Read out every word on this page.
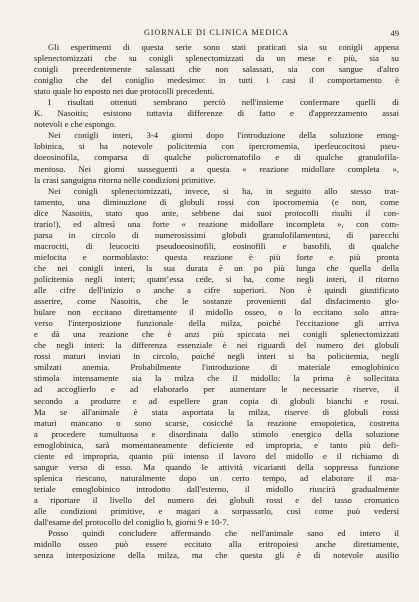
GIORNALE DI CLINICA MEDICA	49
Gli esperimenti di questa serie sono stati praticati sia su conigli appena
splenectomizzati che su conigli splenectomizzati da un mese e più, sia su
conigli precedentemente salassati che non salassati, sia con sangue d'altro
coniglio che del coniglio medesimo: in tutti i casi il comportamento è
stato quale ho esposto nei due protocolli precedenti.
I risultati ottenuti sembrano perciò nell'insieme confermare quelli di
K. Nasoitis; esistono tuttavia differenze di fatto e d'apprezzamento assai
notevoli e che espongo.
Nei conigli interi, 3-4 giorni dopo l'introduzione della soluzione emog-
lobinica, si ha notevole policitemia con ipercromemia, iperleucocitosi pseu-
doeosinofila, comparsa di qualche policromatofilo e di qualche granulofila-
mentoso. Nei giorni susseguenti a questa « reazione midollare completa »,
la crasi sanguigna ritorna nelle condizioni primitive.
Nei conigli splenectomizzati, invece, si ha, in seguito allo stesso trat-
tamento, una diminuzione di globuli rossi con ipocromemia (e non, come
dice Nasoitis, stato quo ante, sebbene dai suoi protocolli risulti il con-
trario!), ed altresì una forte « reazione midollare incompleta », con com-
parsa in circolo di numerosissimi globuli granulofilamentosi, di parecchi
macrociti, di leucociti pseudoeosinofili, eosinofili e basofili, di qualche
mielocita e normoblasto: questa reazione è più forte e più pronta
che nei conigli interi, la sua durata è un po più lunga che quella della
policitemia negli interi; quantʼessa cede, si ha, come negli interi, il ritorno
alle cifre dell'inizio o anche a cifre superiori. Non è quindi giustificato
asserire, come Nasoitis, che le sostanze provenienti dal disfacimento glo-
bulare non eccitano direttamente il midollo osseo, o lo eccitano solo attra-
verso l'interposizione funzionale della milza, poiché l'eccitazione gli arriva
e dà una reazione che è anzi più spiccata nei conigli splenectomizzati
che negli interi: la differenza essenziale è nei riguardi del numero dei globuli
rossi maturi inviati in circolo, poiché negli interi si ha policitemia, negli
smilzati anemia. Probabilmente l'introduzione di materiale emoglobinico
stimola intensamente sia la milza che il midollo: la prima è sollecitata
ad accoglierlo e ad elaborarlo per aumentare le necessarie riserve, il
secondo a produrre e ad espellere gran copia di globuli bianchi e rossi.
Ma se all'animale è stata asportata la milza, riserve di globuli rossi
maturi mancano o sono scarse, cosicché la reazione emopoietica, costretta
a procedere tumultuosa e disordinata dallo stimolo energico della soluzione
emoglobinica, sarà momentaneamente deficiente ed impropria, e tanto più defi-
ciente ed impropria, quanto più intenso il lavoro del midollo e il richiamo di
sangue verso di esso. Ma quando le attività vicarianti della soppressa funzione
splenica riescano, naturalmente dopo un certo tempo, ad elaborare il ma-
teriale emoglobinico introdotto dall'esterno, il midollo riuscirà gradualmente
a riportare il livello del numero dei globuli rossi e del tasso cromatico
alle condizioni primitive, e magari a sorpassarlo, così come può vedersi
dall'esame del protocollo del coniglio b, giorni 9 e 10-7.
Posso quindi concludere affermando che nell'animale sano ed intero il
midollo osseo può essere eccitato alla eritropoiesi anche direttamente,
senza interposizione della milza, ma che questa gli è di notevole ausilio
